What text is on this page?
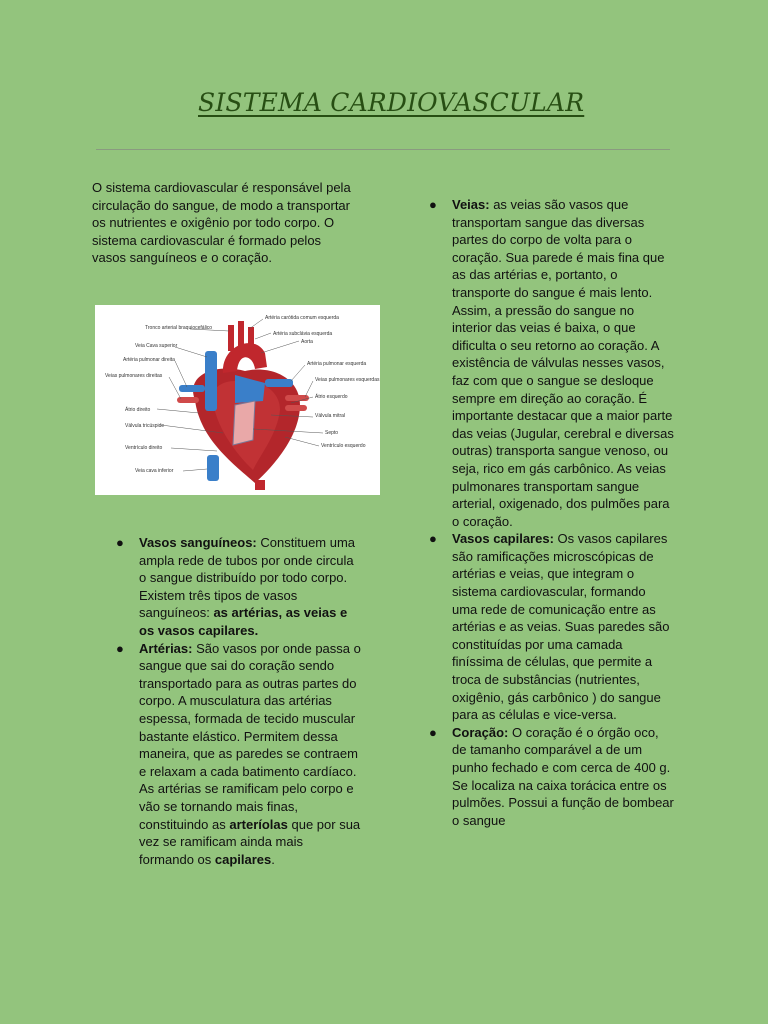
SISTEMA CARDIOVASCULAR

O sistema cardiovascular é responsável pela circulação do sangue, de modo a transportar os nutrientes e oxigênio por todo corpo. O sistema cardiovascular é formado pelos vasos sanguíneos e o coração.

Tronco arterial braquiocefálico
Veia Cava superior
Artéria pulmonar direita
Veias pulmonares direitas
Átrio direito
Válvula tricúspide
Ventrículo direito
Veia cava inferior
Artéria carótida comum esquerda
Artéria subclávia esquerda
Aorta
Artéria pulmonar esquerda
Veias pulmonares esquerdas
Átrio esquerdo
Válvula mitral
Septo
Ventrículo esquerdo
● Vasos sanguíneos: Constituem uma ampla rede de tubos por onde circula o sangue distribuído por todo corpo. Existem três tipos de vasos sanguíneos: as artérias, as veias e os vasos capilares.
● Artérias: São vasos por onde passa o sangue que sai do coração sendo transportado para as outras partes do corpo. A musculatura das artérias espessa, formada de tecido muscular bastante elástico. Permitem dessa maneira, que as paredes se contraem e relaxam a cada batimento cardíaco. As artérias se ramificam pelo corpo e vão se tornando mais finas, constituindo as arteríolas que por sua vez se ramificam ainda mais formando os capilares.
● Veias: as veias são vasos que transportam sangue das diversas partes do corpo de volta para o coração. Sua parede é mais fina que as das artérias e, portanto, o transporte do sangue é mais lento. Assim, a pressão do sangue no interior das veias é baixa, o que dificulta o seu retorno ao coração. A existência de válvulas nesses vasos, faz com que o sangue se desloque sempre em direção ao coração. É importante destacar que a maior parte das veias (Jugular, cerebral e diversas outras) transporta sangue venoso, ou seja, rico em gás carbônico. As veias pulmonares transportam sangue arterial, oxigenado, dos pulmões para o coração.
● Vasos capilares: Os vasos capilares são ramificações microscópicas de artérias e veias, que integram o sistema cardiovascular, formando uma rede de comunicação entre as artérias e as veias. Suas paredes são constituídas por uma camada finíssima de células, que permite a troca de substâncias (nutrientes, oxigênio, gás carbônico ) do sangue para as células e vice-versa.
● Coração: O coração é o órgão oco, de tamanho comparável a de um punho fechado e com cerca de 400 g. Se localiza na caixa torácica entre os pulmões. Possui a função de bombear o sangue
